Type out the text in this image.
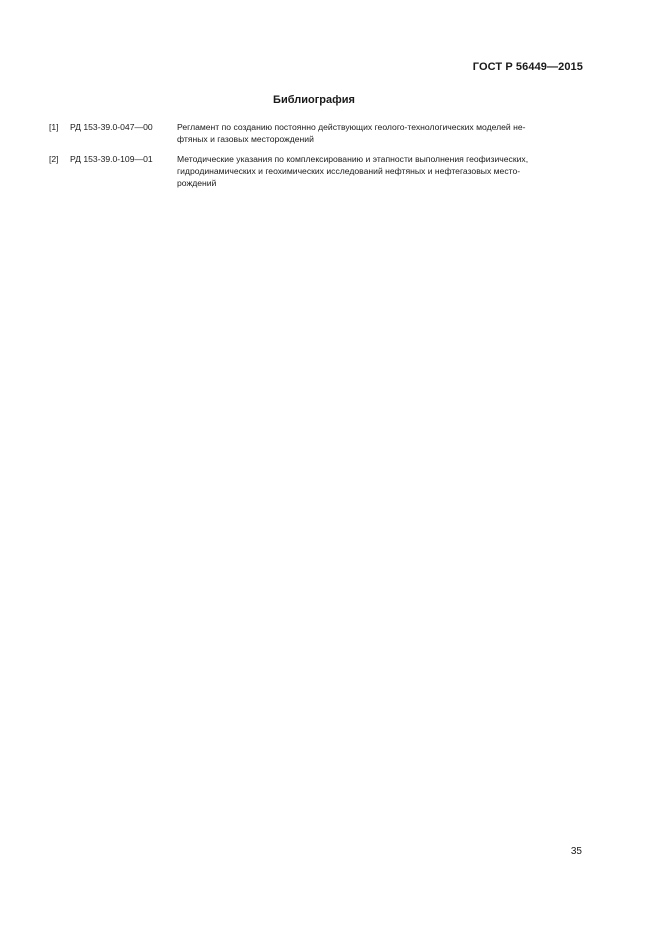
ГОСТ Р 56449—2015
Библиография
[1]	РД 153-39.0-047—00	Регламент по созданию постоянно действующих геолого-технологических моделей не-
фтяных и газовых месторождений
[2]	РД 153-39.0-109—01	Методические указания по комплексированию и этапности выполнения геофизических,
гидродинамических и геохимических исследований нефтяных и нефтегазовых место-
рождений
35
